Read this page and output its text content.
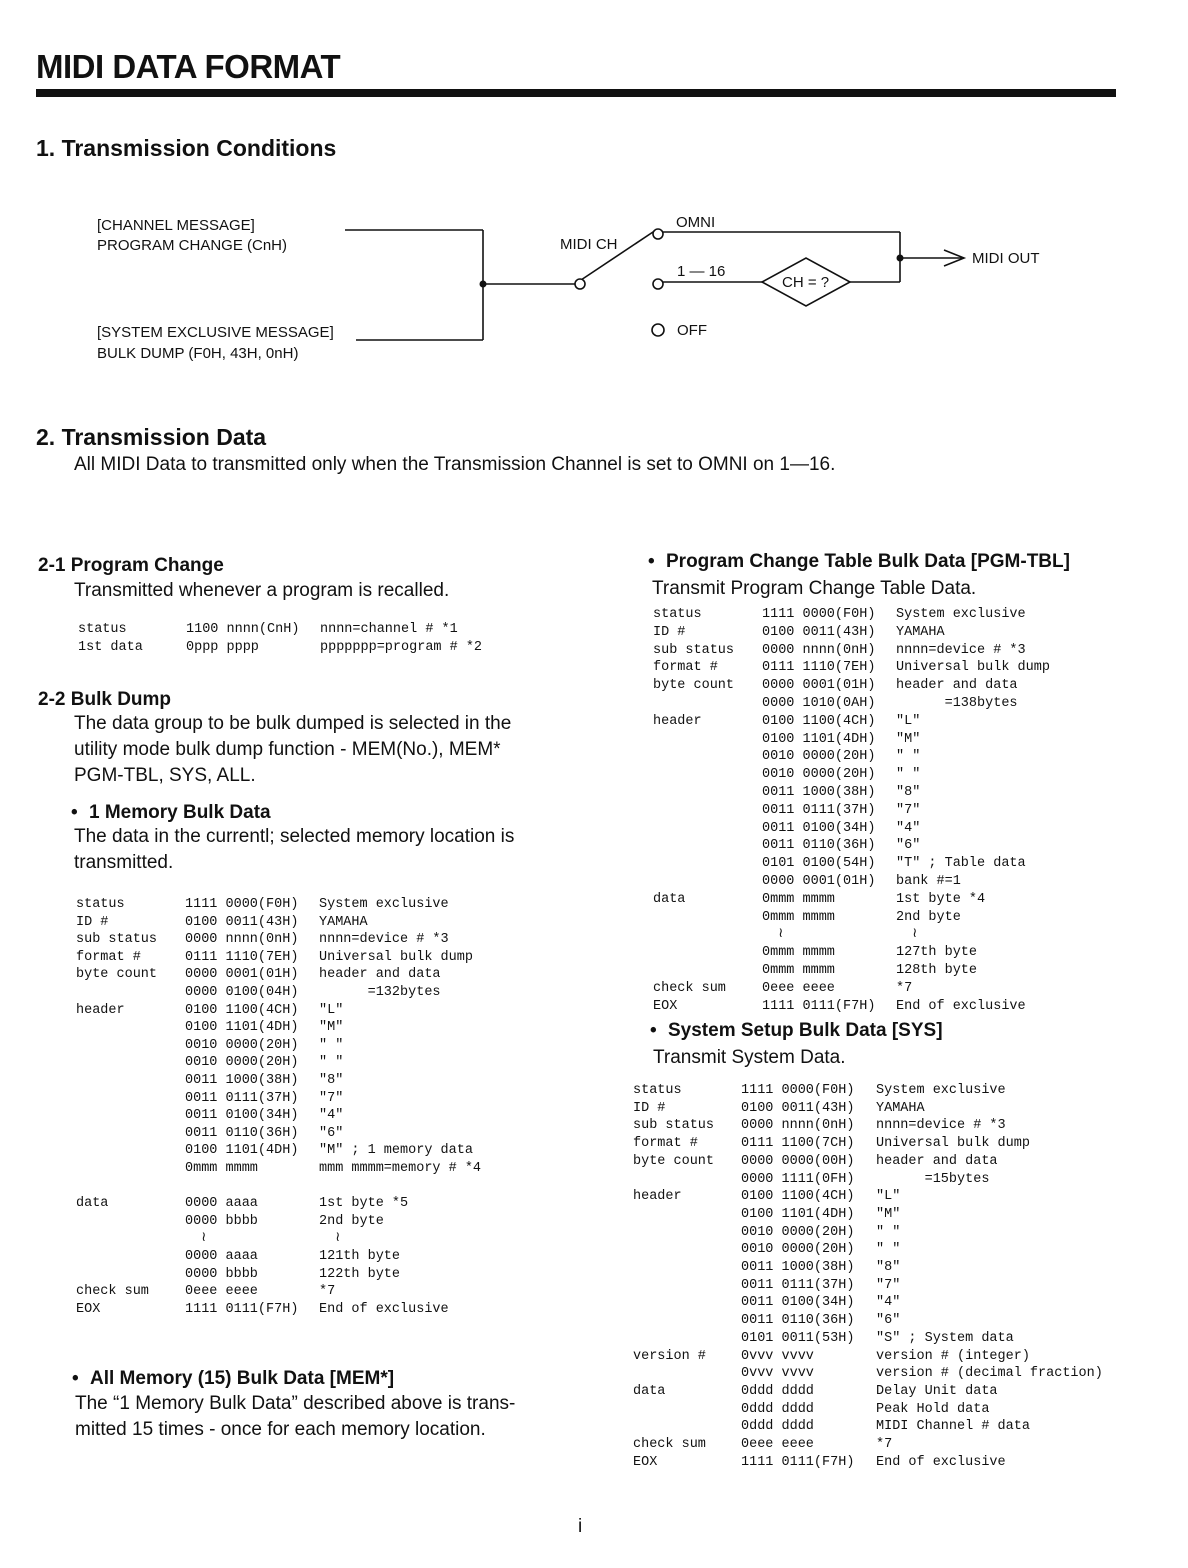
MIDI DATA FORMAT
1. Transmission Conditions
[CHANNEL MESSAGE]
PROGRAM CHANGE (CnH)
[SYSTEM EXCLUSIVE MESSAGE]
BULK DUMP (F0H, 43H, 0nH)
MIDI CH
OMNI
1 — 16
CH = ?
MIDI OUT
OFF
2. Transmission Data
All MIDI Data to transmitted only when the Transmission Channel is set to OMNI on 1—16.
2-1 Program Change
Transmitted whenever a program is recalled.
status	1100 nnnn(CnH) nnnn=channel # *1
1st data	0ppp pppp	ppppppp=program # *2
2-2 Bulk Dump
The data group to be bulk dumped is selected in the
utility mode bulk dump function - MEM(No.), MEM*
PGM-TBL, SYS, ALL.
• 1 Memory Bulk Data
The data in the currentl; selected memory location is
transmitted.
status	1111 0000(F0H) System exclusive
ID #	0100 0011(43H) YAMAHA
sub status 0000 nnnn(0nH) nnnn=device # *3
format #	0111 1110(7EH) Universal bulk dump
byte count 0000 0001(01H) header and data
0000 0100(04H) =132bytes
header	0100 1100(4CH) "L"
0100 1101(4DH) "M"
0010 0000(20H) " "
0010 0000(20H) " "
0011 1000(38H) "8"
0011 0111(37H) "7"
0011 0100(34H) "4"
0011 0110(36H) "6"
0100 1101(4DH) "M" ; 1 memory data
0mmm mmmm	mmm mmmm=memory # *4
data	0000 aaaa	1st byte *5
0000 bbbb	2nd byte
≀	≀
0000 aaaa	121th byte
0000 bbbb	122th byte
check sum	0eee eeee	*7
EOX	1111 0111(F7H) End of exclusive
• All Memory (15) Bulk Data [MEM*]
The “1 Memory Bulk Data” described above is trans-
mitted 15 times - once for each memory location.
• Program Change Table Bulk Data [PGM-TBL]
Transmit Program Change Table Data.
status	1111 0000(F0H) System exclusive
ID #	0100 0011(43H) YAMAHA
sub status 0000 nnnn(0nH) nnnn=device # *3
format #	0111 1110(7EH) Universal bulk dump
byte count 0000 0001(01H) header and data
0000 1010(0AH) =138bytes
header	0100 1100(4CH) "L"
0100 1101(4DH) "M"
0010 0000(20H) " "
0010 0000(20H) " "
0011 1000(38H) "8"
0011 0111(37H) "7"
0011 0100(34H) "4"
0011 0110(36H) "6"
0101 0100(54H) "T" ; Table data
0000 0001(01H) bank #=1
data	0mmm mmmm	1st byte *4
0mmm mmmm	2nd byte
≀	≀
0mmm mmmm	127th byte
0mmm mmmm	128th byte
check sum	0eee eeee	*7
EOX	1111 0111(F7H) End of exclusive
• System Setup Bulk Data [SYS]
Transmit System Data.
status	1111 0000(F0H) System exclusive
ID #	0100 0011(43H) YAMAHA
sub status 0000 nnnn(0nH) nnnn=device # *3
format #	0111 1100(7CH) Universal bulk dump
byte count 0000 0000(00H) header and data
0000 1111(0FH) =15bytes
header	0100 1100(4CH) "L"
0100 1101(4DH) "M"
0010 0000(20H) " "
0010 0000(20H) " "
0011 1000(38H) "8"
0011 0111(37H) "7"
0011 0100(34H) "4"
0011 0110(36H) "6"
0101 0011(53H) "S" ; System data
version #	0vvv vvvv	version # (integer)
0vvv vvvv	version # (decimal fraction)
data	0ddd dddd	Delay Unit data
0ddd dddd	Peak Hold data
0ddd dddd	MIDI Channel # data
check sum	0eee eeee	*7
EOX	1111 0111(F7H) End of exclusive
i
